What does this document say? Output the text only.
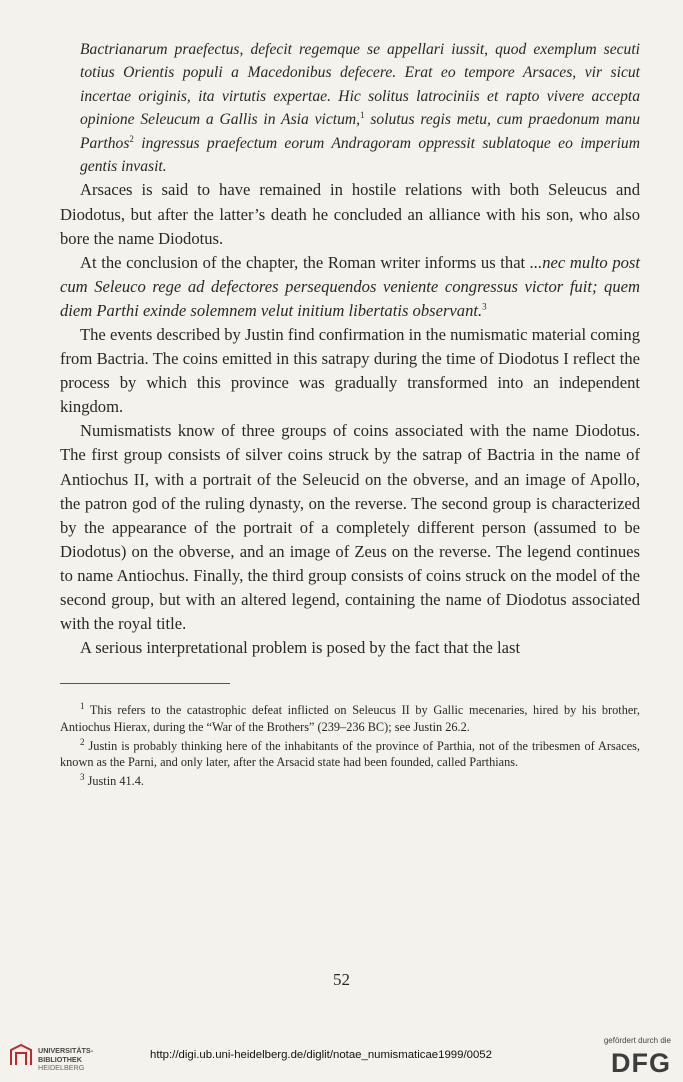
Bactrianarum praefectus, defecit regemque se appellari iussit, quod exemplum secuti totius Orientis populi a Macedonibus defecere. Erat eo tempore Arsaces, vir sicut incertae originis, ita virtutis expertae. Hic solitus latrociniis et rapto vivere accepta opinione Seleucum a Gallis in Asia victum,$^1$ solutus regis metu, cum praedonum manu Parthos$^2$ ingressus praefectum eorum Andragoram oppressit sublatoque eo imperium gentis invasit.

Arsaces is said to have remained in hostile relations with both Seleucus and Diodotus, but after the latter’s death he concluded an alliance with his son, who also bore the name Diodotus.

At the conclusion of the chapter, the Roman writer informs us that ...nec multo post cum Seleuco rege ad defectores persequendos veniente congressus victor fuit; quem diem Parthi exinde solemnem velut initium libertatis observant.$^3$

The events described by Justin find confirmation in the numismatic material coming from Bactria. The coins emitted in this satrapy during the time of Diodotus I reflect the process by which this province was gradually transformed into an independent kingdom.

Numismatists know of three groups of coins associated with the name Diodotus. The first group consists of silver coins struck by the satrap of Bactria in the name of Antiochus II, with a portrait of the Seleucid on the obverse, and an image of Apollo, the patron god of the ruling dynasty, on the reverse. The second group is characterized by the appearance of the portrait of a completely different person (assumed to be Diodotus) on the obverse, and an image of Zeus on the reverse. The legend continues to name Antiochus. Finally, the third group consists of coins struck on the model of the second group, but with an altered legend, containing the name of Diodotus associated with the royal title.

A serious interpretational problem is posed by the fact that the last

$^1$ This refers to the catastrophic defeat inflicted on Seleucus II by Gallic mecenaries, hired by his brother, Antiochus Hierax, during the “War of the Brothers” (239–236 BC); see Justin 26.2.

$^2$ Justin is probably thinking here of the inhabitants of the province of Parthia, not of the tribesmen of Arsaces, known as the Parni, and only later, after the Arsacid state had been founded, called Parthians.

$^3$ Justin 41.4.

52
UNIVERSITÄTS-
BIBLIOTHEK
HEIDELBERG
http://digi.ub.uni-heidelberg.de/diglit/notae_numismaticae1999/0052
gefördert durch die
DFG
